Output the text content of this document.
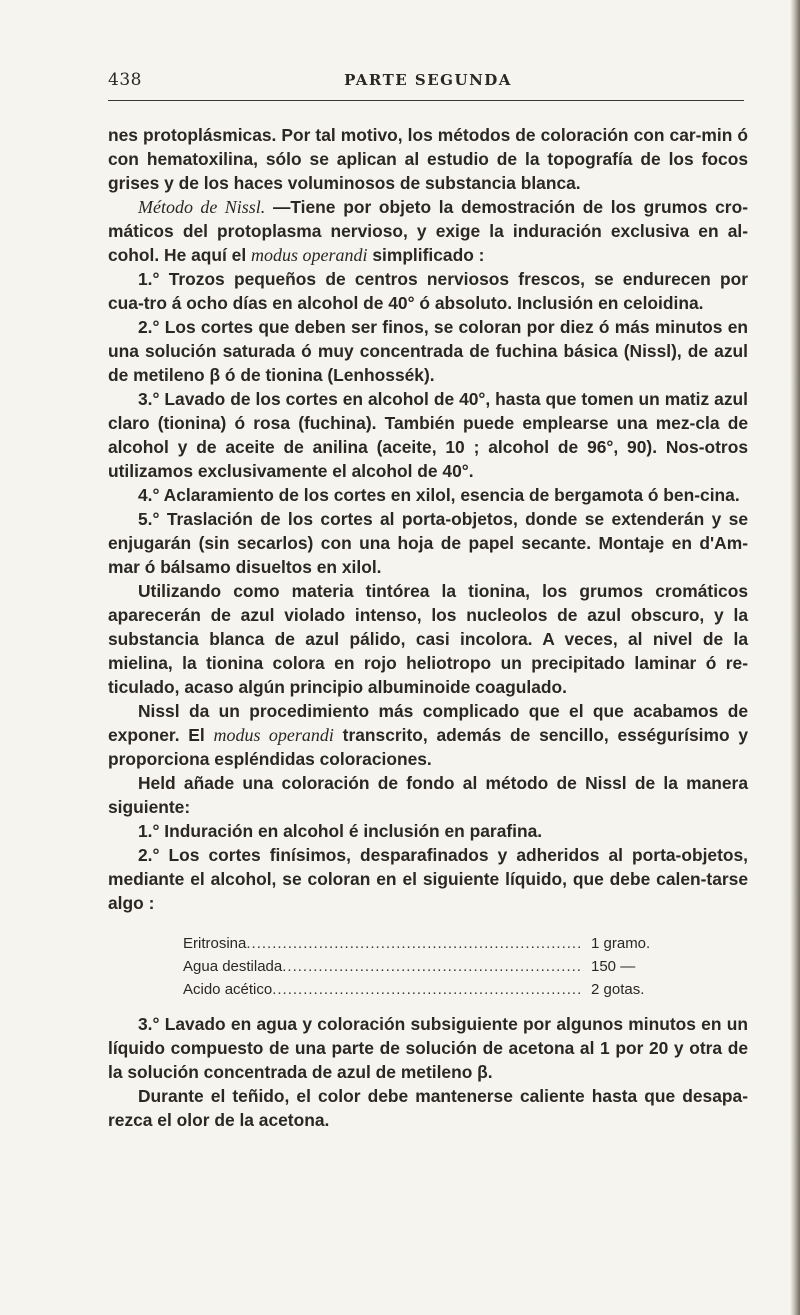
438	PARTE SEGUNDA

nes protoplásmicas. Por tal motivo, los métodos de coloración con car-min ó con hematoxilina, sólo se aplican al estudio de la topografía de los focos grises y de los haces voluminosos de substancia blanca.

Método de Nissl. —Tiene por objeto la demostración de los grumos cro-máticos del protoplasma nervioso, y exige la induración exclusiva en al-cohol. He aquí el modus operandi simplificado :

1.° Trozos pequeños de centros nerviosos frescos, se endurecen por cua-tro á ocho días en alcohol de 40° ó absoluto. Inclusión en celoidina.

2.° Los cortes que deben ser finos, se coloran por diez ó más minutos en una solución saturada ó muy concentrada de fuchina básica (Nissl), de azul de metileno β ó de tionina (Lenhossék).

3.° Lavado de los cortes en alcohol de 40°, hasta que tomen un matiz azul claro (tionina) ó rosa (fuchina). También puede emplearse una mez-cla de alcohol y de aceite de anilina (aceite, 10 ; alcohol de 96°, 90). Nos-otros utilizamos exclusivamente el alcohol de 40°.

4.° Aclaramiento de los cortes en xilol, esencia de bergamota ó ben-cina.

5.° Traslación de los cortes al porta-objetos, donde se extenderán y se enjugarán (sin secarlos) con una hoja de papel secante. Montaje en d'Am-mar ó bálsamo disueltos en xilol.

Utilizando como materia tintórea la tionina, los grumos cromáticos aparecerán de azul violado intenso, los nucleolos de azul obscuro, y la substancia blanca de azul pálido, casi incolora. A veces, al nivel de la mielina, la tionina colora en rojo heliotropo un precipitado laminar ó re-ticulado, acaso algún principio albuminoide coagulado.

Nissl da un procedimiento más complicado que el que acabamos de exponer. El modus operandi transcrito, además de sencillo, ességurísimo y proporciona espléndidas coloraciones.

Held añade una coloración de fondo al método de Nissl de la manera siguiente:

1.° Induración en alcohol é inclusión en parafina.

2.° Los cortes finísimos, desparafinados y adheridos al porta-objetos, mediante el alcohol, se coloran en el siguiente líquido, que debe calen-tarse algo :

Eritrosina .....	1 gramo.
Agua destilada .....	150 —
Acido acético .....	2 gotas.

3.° Lavado en agua y coloración subsiguiente por algunos minutos en un líquido compuesto de una parte de solución de acetona al 1 por 20 y otra de la solución concentrada de azul de metileno β.

Durante el teñido, el color debe mantenerse caliente hasta que desapa-rezca el olor de la acetona.
